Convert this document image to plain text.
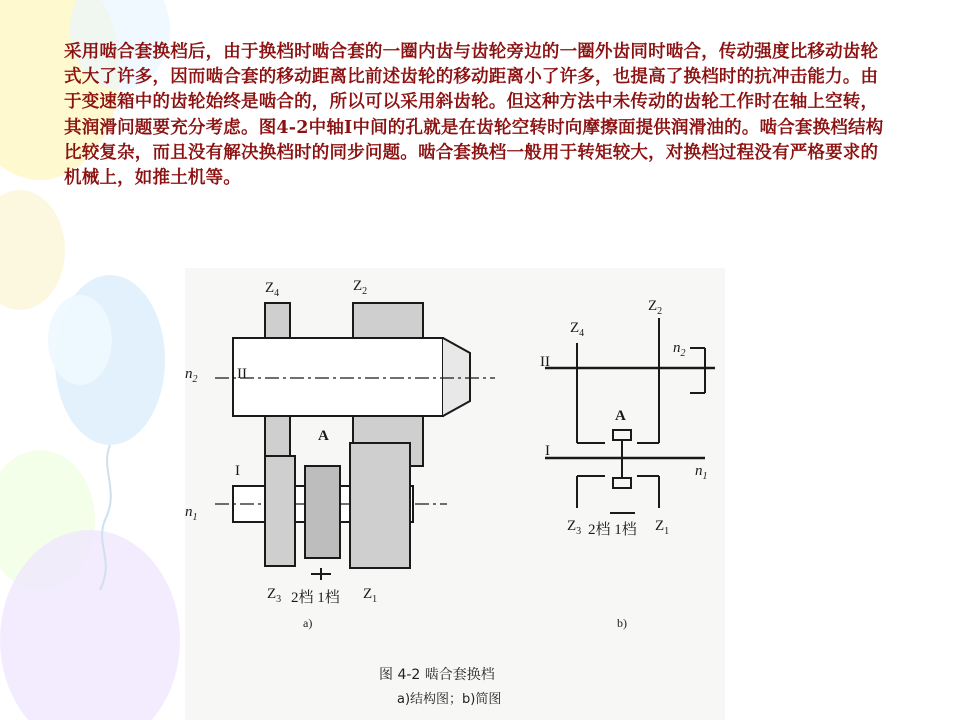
采用啮合套换档后，由于换档时啮合套的一圈内齿与齿轮旁边的一圈外齿同时啮合，传动强度比移动齿轮式大了许多，因而啮合套的移动距离比前述齿轮的移动距离小了许多，也提高了换档时的抗冲击能力。由于变速箱中的齿轮始终是啮合的，所以可以采用斜齿轮。但这种方法中未传动的齿轮工作时在轴上空转，其润滑问题要充分考虑。图4-2中轴Ⅰ中间的孔就是在齿轮空转时向摩擦面提供润滑油的。啮合套换档结构比较复杂，而且没有解决换档时的同步问题。啮合套换档一般用于转矩较大，对换档过程没有严格要求的机械上，如推土机等。
$Z_4$	$Z_2$
$n_2$	II
A
I
$n_1$
$Z_3$ 2档 1档 $Z_1$
a)
$Z_4$
$Z_2$
II
$n_2$
A
I
$n_1$
$Z_3$ 2档 1档 $Z_1$
b)
图 4-2 啮合套换档
a)结构图；b)简图
